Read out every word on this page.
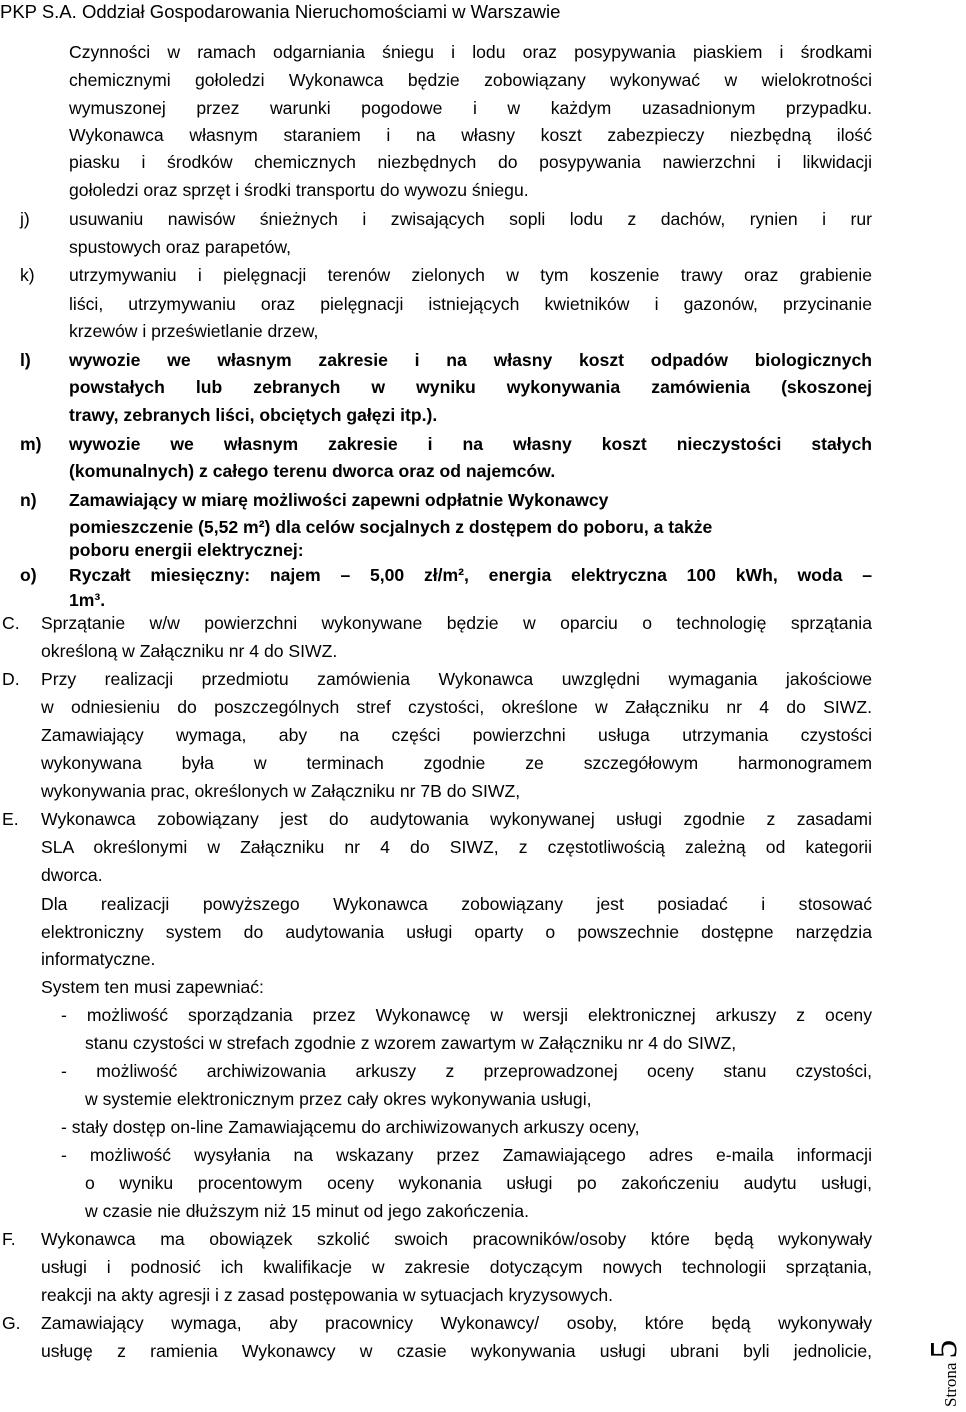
PKP S.A. Oddział Gospodarowania Nieruchomościami w Warszawie
Czynności w ramach odgarniania śniegu i lodu oraz posypywania piaskiem i środkami
chemicznymi gołoledzi Wykonawca będzie zobowiązany wykonywać w wielokrotności
wymuszonej przez warunki pogodowe i w każdym uzasadnionym przypadku.
Wykonawca własnym staraniem i na własny koszt zabezpieczy niezbędną ilość
piasku i środków chemicznych niezbędnych do posypywania nawierzchni i likwidacji
gołoledzi oraz sprzęt i środki transportu do wywozu śniegu.
j) usuwaniu nawisów śnieżnych i zwisających sopli lodu z dachów, rynien i rur
spustowych oraz parapetów,
k) utrzymywaniu i pielęgnacji terenów zielonych w tym koszenie trawy oraz grabienie
liści, utrzymywaniu oraz pielęgnacji istniejących kwietników i gazonów, przycinanie
krzewów i prześwietlanie drzew,
l) wywozie we własnym zakresie i na własny koszt odpadów biologicznych
powstałych lub zebranych w wyniku wykonywania zamówienia (skoszonej
trawy, zebranych liści, obciętych gałęzi itp.).
m) wywozie we własnym zakresie i na własny koszt nieczystości stałych
(komunalnych) z całego terenu dworca oraz od najemców.
n) Zamawiający w miarę możliwości zapewni odpłatnie Wykonawcy
pomieszczenie (5,52 m²) dla celów socjalnych z dostępem do poboru, a także
poboru energii elektrycznej:
o) Ryczałt miesięczny: najem – 5,00 zł/m², energia elektryczna 100 kWh, woda –
1m³.
C. Sprzątanie w/w powierzchni wykonywane będzie w oparciu o technologię sprzątania
określoną w Załączniku nr 4 do SIWZ.
D. Przy realizacji przedmiotu zamówienia Wykonawca uwzględni wymagania jakościowe
w odniesieniu do poszczególnych stref czystości, określone w Załączniku nr 4 do SIWZ.
Zamawiający wymaga, aby na części powierzchni usługa utrzymania czystości
wykonywana była w terminach zgodnie ze szczegółowym harmonogramem
wykonywania prac, określonych w Załączniku nr 7B do SIWZ,
E. Wykonawca zobowiązany jest do audytowania wykonywanej usługi zgodnie z zasadami
SLA określonymi w Załączniku nr 4 do SIWZ, z częstotliwością zależną od kategorii
dworca.
Dla realizacji powyższego Wykonawca zobowiązany jest posiadać i stosować
elektroniczny system do audytowania usługi oparty o powszechnie dostępne narzędzia
informatyczne.
System ten musi zapewniać:
- możliwość sporządzania przez Wykonawcę w wersji elektronicznej arkuszy z oceny
stanu czystości w strefach zgodnie z wzorem zawartym w Załączniku nr 4 do SIWZ,
- możliwość archiwizowania arkuszy z przeprowadzonej oceny stanu czystości,
w systemie elektronicznym przez cały okres wykonywania usługi,
- stały dostęp on-line Zamawiającemu do archiwizowanych arkuszy oceny,
- możliwość wysyłania na wskazany przez Zamawiającego adres e-maila informacji
o wyniku procentowym oceny wykonania usługi po zakończeniu audytu usługi,
w czasie nie dłuższym niż 15 minut od jego zakończenia.
F. Wykonawca ma obowiązek szkolić swoich pracowników/osoby które będą wykonywały
usługi i podnosić ich kwalifikacje w zakresie dotyczącym nowych technologii sprzątania,
reakcji na akty agresji i z zasad postępowania w sytuacjach kryzysowych.
G. Zamawiający wymaga, aby pracownicy Wykonawcy/ osoby, które będą wykonywały
usługę z ramienia Wykonawcy w czasie wykonywania usługi ubrani byli jednolicie,
Strona 5
